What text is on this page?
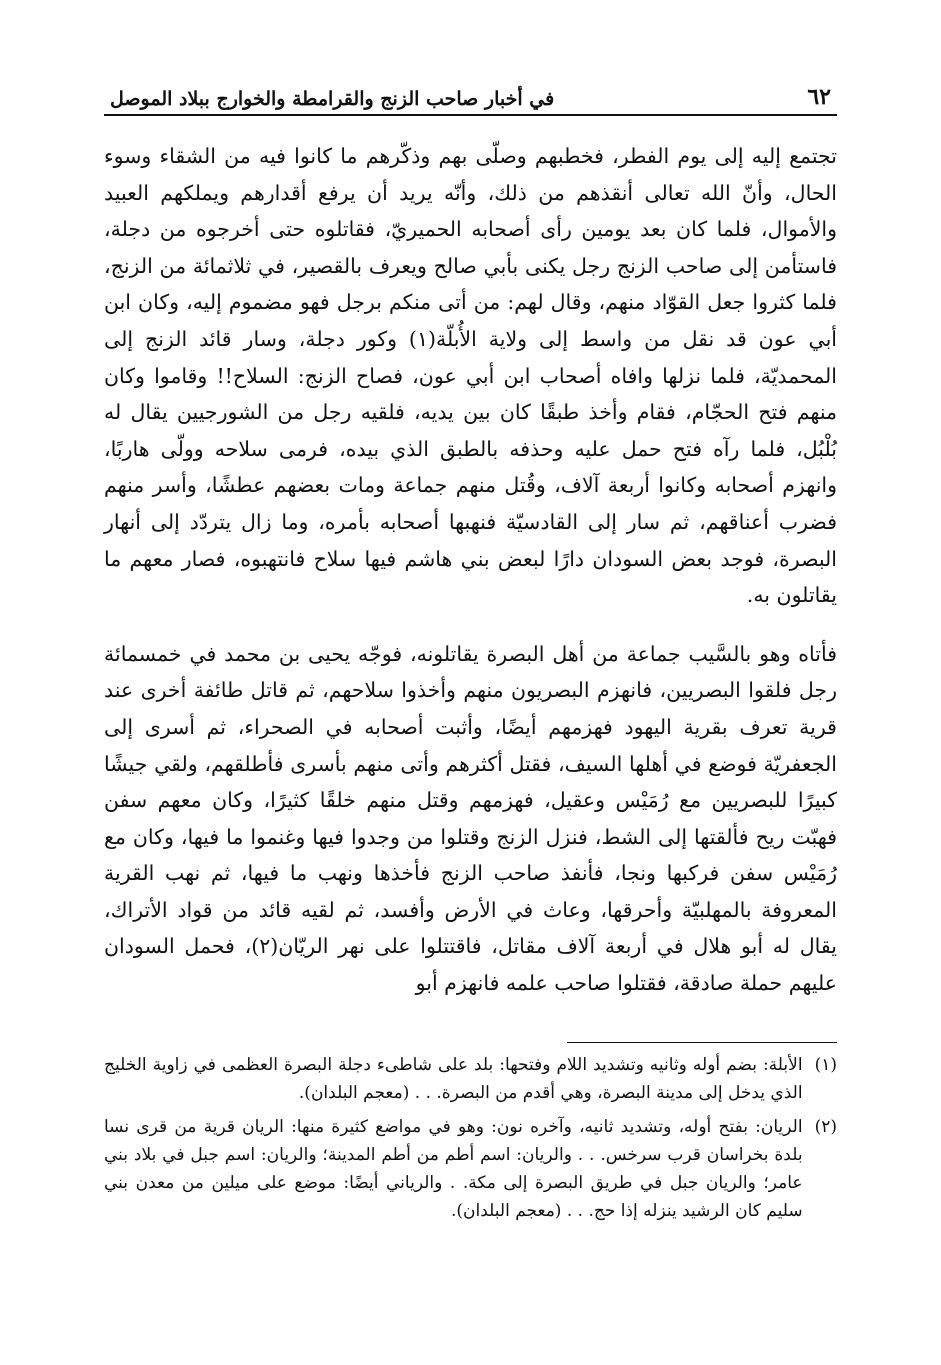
٦٢
في أخبار صاحب الزنج والقرامطة والخوارج ببلاد الموصل

تجتمع إليه إلى يوم الفطر، فخطبهم وصلّى بهم وذكّرهم ما كانوا فيه من الشقاء وسوء الحال، وأنّ الله تعالى أنقذهم من ذلك، وأنّه يريد أن يرفع أقدارهم ويملكهم العبيد والأموال، فلما كان بعد يومين رأى أصحابه الحميريّ، فقاتلوه حتى أخرجوه من دجلة، فاستأمن إلى صاحب الزنج رجل يكنى بأبي صالح ويعرف بالقصير، في ثلاثمائة من الزنج، فلما كثروا جعل القوّاد منهم، وقال لهم: من أتى منكم برجل فهو مضموم إليه، وكان ابن أبي عون قد نقل من واسط إلى ولاية الأُبلّة(١) وكور دجلة، وسار قائد الزنج إلى المحمديّة، فلما نزلها وافاه أصحاب ابن أبي عون، فصاح الزنج: السلاح!! وقاموا وكان منهم فتح الحجّام، فقام وأخذ طبقًا كان بين يديه، فلقيه رجل من الشورجيين يقال له بُلْبُل، فلما رآه فتح حمل عليه وحذفه بالطبق الذي بيده، فرمى سلاحه وولّى هاربًا، وانهزم أصحابه وكانوا أربعة آلاف، وقُتل منهم جماعة ومات بعضهم عطشًا، وأسر منهم فضرب أعناقهم، ثم سار إلى القادسيّة فنهبها أصحابه بأمره، وما زال يتردّد إلى أنهار البصرة، فوجد بعض السودان دارًا لبعض بني هاشم فيها سلاح فانتهبوه، فصار معهم ما يقاتلون به.

فأتاه وهو بالسَّيب جماعة من أهل البصرة يقاتلونه، فوجّه يحيى بن محمد في خمسمائة رجل فلقوا البصريين، فانهزم البصريون منهم وأخذوا سلاحهم، ثم قاتل طائفة أخرى عند قرية تعرف بقرية اليهود فهزمهم أيضًا، وأثبت أصحابه في الصحراء، ثم أسرى إلى الجعفريّة فوضع في أهلها السيف، فقتل أكثرهم وأتى منهم بأسرى فأطلقهم، ولقي جيشًا كبيرًا للبصريين مع رُمَيْس وعقيل، فهزمهم وقتل منهم خلقًا كثيرًا، وكان معهم سفن فهبّت ريح فألقتها إلى الشط، فنزل الزنج وقتلوا من وجدوا فيها وغنموا ما فيها، وكان مع رُمَيْس سفن فركبها ونجا، فأنفذ صاحب الزنج فأخذها ونهب ما فيها، ثم نهب القرية المعروفة بالمهلبيّة وأحرقها، وعاث في الأرض وأفسد، ثم لقيه قائد من قواد الأتراك، يقال له أبو هلال في أربعة آلاف مقاتل، فاقتتلوا على نهر الريّان(٢)، فحمل السودان عليهم حملة صادقة، فقتلوا صاحب علمه فانهزم أبو

(١)
الأبلة: بضم أوله وثانيه وتشديد اللام وفتحها: بلد على شاطىء دجلة البصرة العظمى في زاوية الخليج الذي يدخل إلى مدينة البصرة، وهي أقدم من البصرة. . . (معجم البلدان).
(٢)
الريان: بفتح أوله، وتشديد ثانيه، وآخره نون: وهو في مواضع كثيرة منها: الريان قرية من قرى نسا بلدة بخراسان قرب سرخس. . . والريان: اسم أطم من أطم المدينة؛ والريان: اسم جبل في بلاد بني عامر؛ والريان جبل في طريق البصرة إلى مكة. . والرياني أيضًا: موضع على ميلين من معدن بني سليم كان الرشيد ينزله إذا حج. . . (معجم البلدان).
